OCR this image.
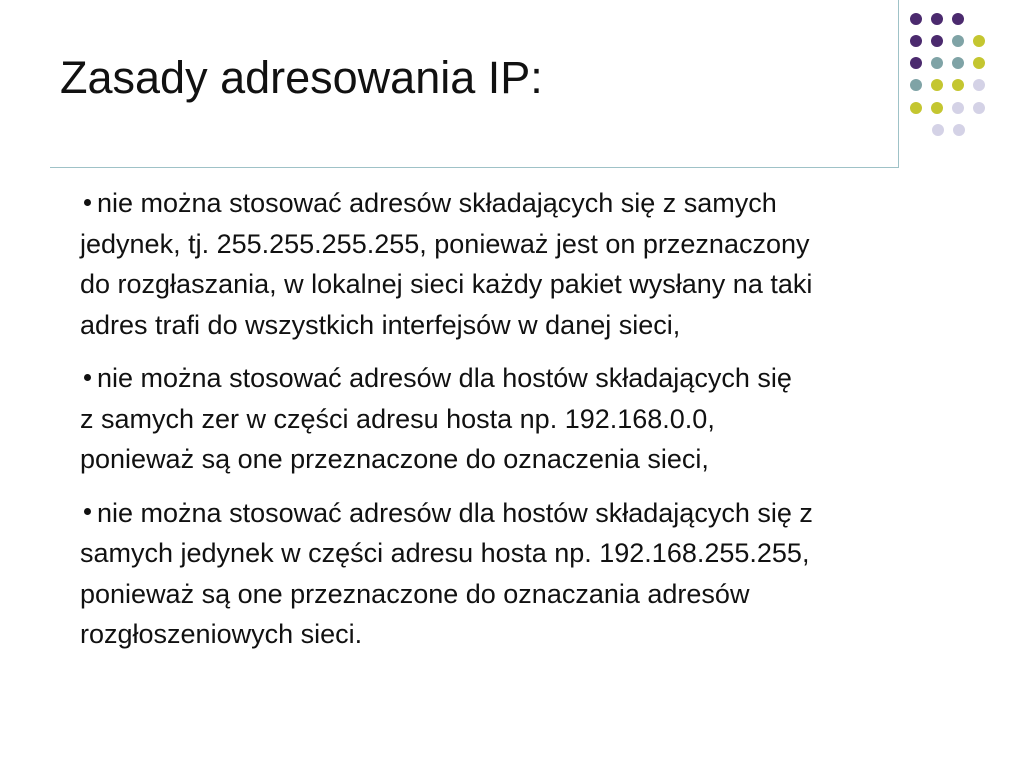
Zasady adresowania IP:
nie można stosować adresów składających się z samych
jedynek, tj. 255.255.255.255, ponieważ jest on przeznaczony
do rozgłaszania, w lokalnej sieci każdy pakiet wysłany na taki
adres trafi do wszystkich interfejsów w danej sieci,
nie można stosować adresów dla hostów składających się
z samych zer w części adresu hosta np. 192.168.0.0,
ponieważ są one przeznaczone do oznaczenia sieci,
nie można stosować adresów dla hostów składających się z
samych jedynek w części adresu hosta np. 192.168.255.255,
ponieważ są one przeznaczone do oznaczania adresów
rozgłoszeniowych sieci.
